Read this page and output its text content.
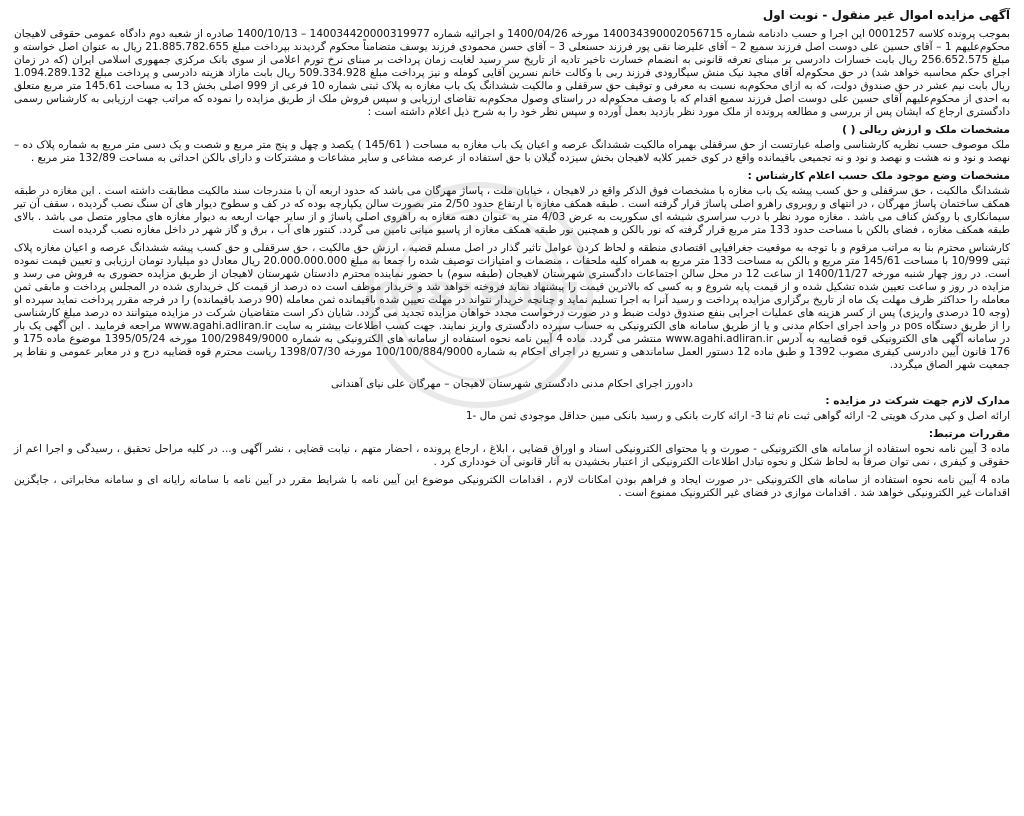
01819001
آگهی مزایده اموال غیر منقول - نوبت اول
بموجب پرونده کلاسه 0001257 این اجرا و حسب دادنامه شماره 140034390002056715 مورخه 1400/04/26 و اجرائیه شماره 140034420000319977 – 1400/10/13 صادره از شعبه دوم دادگاه عمومی حقوقی لاهیجان محکوم‌علیهم 1 – آقای حسین علی دوست اصل فرزند سمیع 2 – آقای علیرضا نقی پور فرزند حسنعلی 3 – آقای حسن محمودی فرزند یوسف متضامناً محکوم گردیدند بپرداخت مبلغ 21.885.782.655 ریال به عنوان اصل خواسته و مبلغ 256.652.575 ریال بابت خسارات دادرسی بر مبنای تعرفه قانونی به انضمام خسارت تاخیر تادیه از تاریخ سر رسید لغایت زمان پرداخت بر مبنای نرخ تورم اعلامی از سوی بانک مرکزی جمهوری اسلامی ایران (که در زمان اجرای حکم محاسبه خواهد شد) در حق محکوم‌له آقای مجید نیک منش سیگارودی فرزند ربی با وکالت خانم نسرین آقایی کومله و نیز پرداخت مبلغ 509.334.928 ریال بابت مازاد هزینه دادرسی و پرداخت مبلغ 1.094.289.132 ریال بابت نیم عشر در حق صندوق دولت، که به ازای محکوم‌به نسبت به معرفی و توقیف حق سرقفلی و مالکیت ششدانگ یک باب مغازه به پلاک ثبتی شماره 10 فرعی از 999 اصلی بخش 13 به مساحت 145.61 متر مربع متعلق به احدی از محکوم‌علیهم آقای حسین علی دوست اصل فرزند سمیع اقدام که با وصف محکوم‌له در راستای وصول محکوم‌به تقاضای ارزیابی و سپس فروش ملک از طریق مزایده را نموده که مراتب جهت ارزیابی به کارشناس رسمی دادگستری ارجاع که ایشان پس از بررسی و مطالعه پرونده از ملک مورد نظر بازدید بعمل آورده و سپس نظر خود را به شرح ذیل اعلام داشته است :
مشخصات ملک و ارزش ریالی ( )
ملک موصوف حسب نظریه کارشناسی واصله عبارتست از حق سرقفلی بهمراه مالکیت ششدانگ عرصه و اعیان یک باب مغازه به مساحت ( 145/61 ) یکصد و چهل و پنج متر مربع و شصت و یک دسی متر مربع به شماره پلاک ده – نهصد و نود و نه هشت و نهصد و نود و نه تجمیعی باقیمانده واقع در کوی خمیر کلایه لاهیجان بخش سیزده گیلان با حق استفاده از عرصه مشاعی و سایر مشاعات و مشترکات و دارای بالکن احداثی به مساحت 132/89 متر مربع .
مشخصات وضع موجود ملک حسب اعلام کارشناس :
ششدانگ مالکیت ، حق سرقفلی و حق کسب پیشه یک باب مغازه با مشخصات فوق الذکر واقع در لاهیجان ، خیابان ملت ، پاساژ مهرگان می باشد که حدود اربعه آن با مندرجات سند مالکیت مطابقت داشته است . این مغازه در طبقه همکف ساختمان پاساژ مهرگان ، در انتهای و روبروی راهرو اصلی پاساژ قرار گرفته است . طبقه همکف مغازه با ارتفاع حدود 2/50 متر بصورت سالن یکپارچه بوده که در کف و سطوح دیوار های آن سنگ نصب گردیده ، سقف آن تیر سیمانکاری با روکش کناف می باشد . مغازه مورد نظر با درب سراسری شیشه ای سکوریت به عرض 4/03 متر به عنوان دهنه مغازه به راهروی اصلی پاساژ و از سایر جهات اربعه به دیوار مغازه های مجاور متصل می باشد . بالای طبقه همکف مغازه ، فضای بالکن با مساحت حدود 133 متر مربع قرار گرفته که نور بالکن و همچنین نور طبقه همکف مغازه از پاسیو میانی تامین می گردد. کنتور های آب ، برق و گاز شهر در داخل مغازه نصب گردیده است
کارشناس محترم بنا به مراتب مرقوم و با توجه به موقعیت جغرافیایی اقتصادی منطقه و لحاظ کردن عوامل تاثیر گذار در اصل مسلم قضیه ، ارزش حق مالکیت ، حق سرقفلی و حق کسب پیشه ششدانگ عرصه و اعیان مغازه پلاک ثبتی 10/999 با مساحت 145/61 متر مربع و بالکن به مساحت 133 متر مربع به همراه کلیه ملحقات ، منضمات و امتیازات توصیف شده را جمعا به مبلغ 20.000.000.000 ریال معادل دو میلیارد تومان ارزیابی و تعیین قیمت نموده است. در روز چهار شنبه مورخه 1400/11/27 از ساعت 12 در محل سالن اجتماعات دادگستری شهرستان لاهیجان (طبقه سوم) با حضور نماینده محترم دادستان شهرستان لاهیجان از طریق مزایده حضوری به فروش می رسد و مزایده در روز و ساعت تعیین شده تشکیل شده و از قیمت پایه شروع و به کسی که بالاترین قیمت را پیشنهاد نماید فروخته خواهد شد و خریدار موظف است ده درصد از قیمت کل خریداری شده در المجلس پرداخت و مابقی ثمن معامله را حداکثر ظرف مهلت یک ماه از تاریخ برگزاری مزایده پرداخت و رسید آنرا به اجرا تسلیم نماید و چنانچه خریدار نتواند در مهلت تعیین شده باقیمانده ثمن معامله (90 درصد باقیمانده) را در فرجه مقرر پرداخت نماید سپرده او (وجه 10 درصدی واریزی) پس از کسر هزینه های عملیات اجرایی بنفع صندوق دولت ضبط و در صورت درخواست مجدد خواهان مزایده تجدید می گردد. شایان ذکر است متقاضیان شرکت در مزایده میتوانند ده درصد مبلغ کارشناسی را از طریق دستگاه pos در واحد اجرای احکام مدنی و یا از طریق سامانه های الکترونیکی به حساب سپرده دادگستری واریز نمایند. جهت کسب اطلاعات بیشتر به سایت www.agahi.adliran.ir مراجعه فرمایید . این آگهی یک بار در سامانه آگهی های الکترونیکی قوه قضاییه به آدرس www.agahi.adliran.ir منتشر می گردد. ماده 4 آیین نامه نحوه استفاده از سامانه های الکترونیکی به شماره 100/29849/9000 مورخه 1395/05/24 موضوع ماده 175 و 176 قانون آیین دادرسی کیفری مصوب 1392 و طبق ماده 12 دستور العمل ساماندهی و تسریع در اجرای احکام به شماره 100/100/884/9000 مورخه 1398/07/30 ریاست محترم قوه قضاییه درج و در معابر عمومی و نقاط پر جمعیت شهر الصاق میگردد.
دادورز اجرای احکام مدنی دادگستری شهرستان لاهیجان – مهرگان علی نیای آهندانی
مدارک لازم جهت شرکت در مزایده :
ارائه اصل و کپی مدرک هویتی 2- ارائه گواهی ثبت نام ثنا 3- ارائه کارت بانکی و رسید بانکی مبین حداقل موجودی ثمن مال -1
مقررات مرتبط:
ماده 3 آیین نامه نحوه استفاده از سامانه های الکترونیکی - صورت و یا محتوای الکترونیکی اسناد و اوراق قضایی ، ابلاغ ، ارجاع پرونده ، احضار متهم ، نیابت قضایی ، نشر آگهی و... در کلیه مراحل تحقیق ، رسیدگی و اجرا اعم از حقوقی و کیفری ، نمی توان صرفاً به لحاظ شکل و نحوه تبادل اطلاعات الکترونیکی از اعتبار بخشیدن به آثار قانونی آن خودداری کرد .
ماده 4 آیین نامه نحوه استفاده از سامانه های الکترونیکی -در صورت ایجاد و فراهم بودن امکانات لازم ، اقدامات الکترونیکی موضوع این آیین نامه با شرایط مقرر در آیین نامه با سامانه رایانه ای و سامانه مخابراتی ، جایگزین اقدامات غیر الکترونیکی خواهد شد . اقدامات موازی در فضای غیر الکترونیک ممنوع است .
